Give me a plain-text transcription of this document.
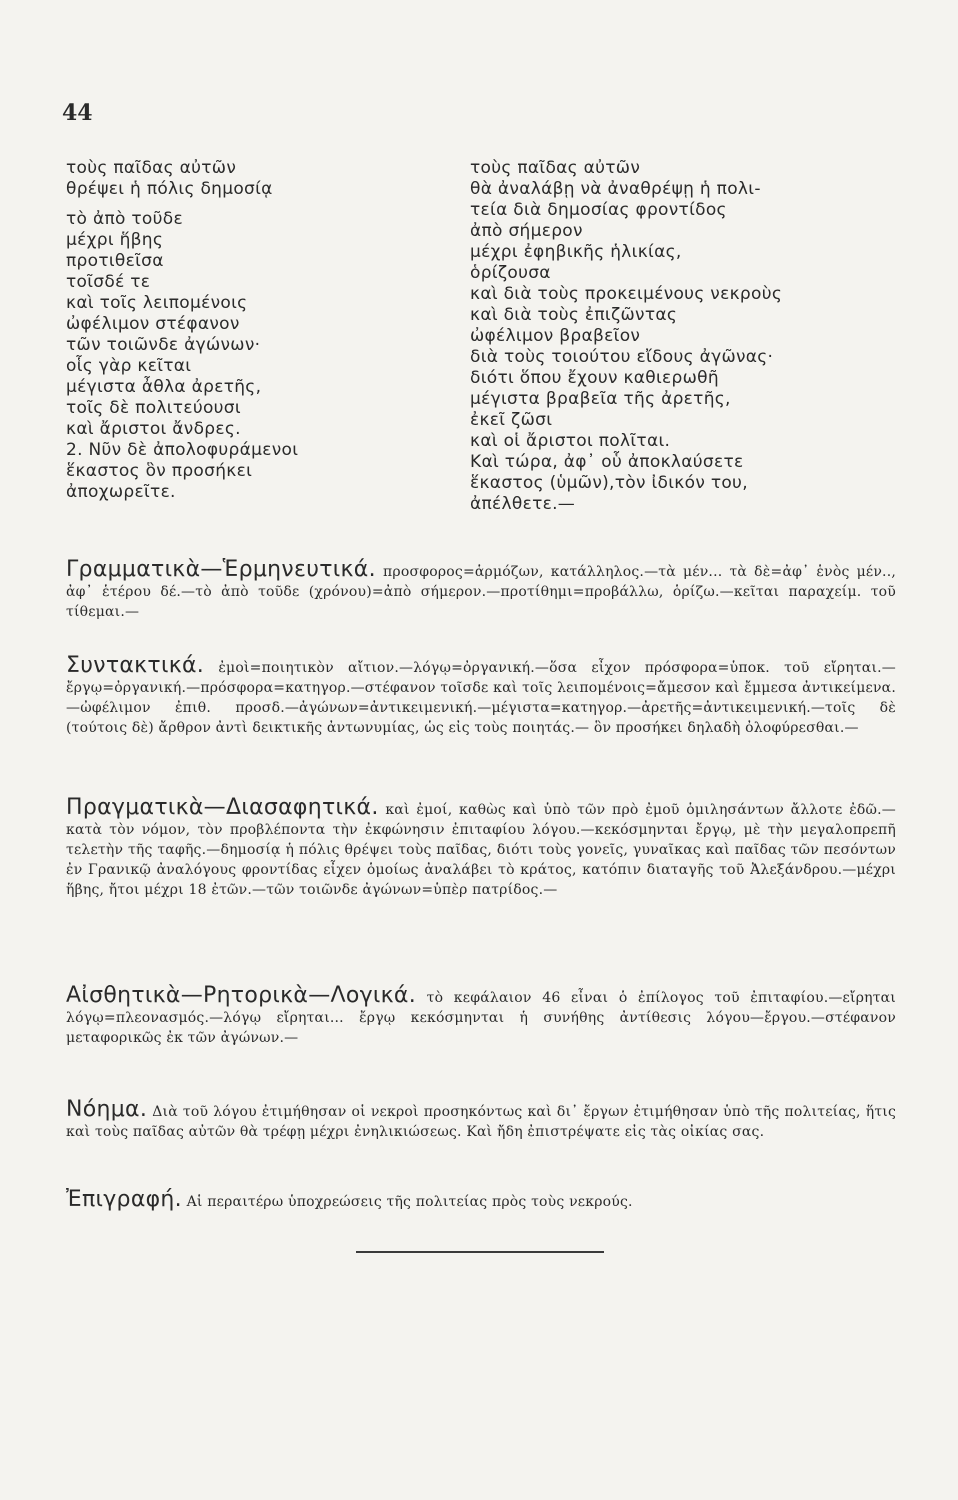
44
τοὺς παῖδας αὐτῶν
θρέψει ἡ πόλις δημοσίᾳ
τὸ ἀπὸ τοῦδε
μέχρι ἥβης
προτιθεῖσα
τοῖσδέ τε
καὶ τοῖς λειπομένοις
ὠφέλιμον στέφανον
τῶν τοιῶνδε ἀγώνων·
οἷς γὰρ κεῖται
μέγιστα ἆθλα ἀρετῆς,
τοῖς δὲ πολιτεύουσι
καὶ ἄριστοι ἄνδρες.
2. Νῦν δὲ ἀπολοφυράμενοι
ἕκαστος ὃν προσήκει
ἀποχωρεῖτε.
τοὺς παῖδας αὐτῶν
θὰ ἀναλάβῃ νὰ ἀναθρέψῃ ἡ πολι-
τεία διὰ δημοσίας φροντίδος
ἀπὸ σήμερον
μέχρι ἐφηβικῆς ἡλικίας,
ὁρίζουσα
καὶ διὰ τοὺς προκειμένους νεκροὺς
καὶ διὰ τοὺς ἐπιζῶντας
ὠφέλιμον βραβεῖον
διὰ τοὺς τοιούτου εἴδους ἀγῶνας·
διότι ὅπου ἔχουν καθιερωθῆ
μέγιστα βραβεῖα τῆς ἀρετῆς,
ἐκεῖ ζῶσι
καὶ οἱ ἄριστοι πολῖται.
Καὶ τώρα, ἀφ᾽ οὗ ἀποκλαύσετε
ἕκαστος (ὑμῶν),τὸν ἰδικόν του,
ἀπέλθετε.—
Γραμματικὰ—Ἑρμηνευτικά. προσφορος=ἁρμόζων, κατάλληλος.—τὰ μέν... τὰ δὲ=ἀφ᾽ ἑνὸς μέν.., ἀφ᾽ ἑτέρου δέ.—τὸ ἀπὸ τοῦδε (χρόνου)=ἀπὸ σήμερον.—προτίθημι=προβάλλω, ὁρίζω.—κεῖται παραχείμ. τοῦ τίθεμαι.—
Συντακτικά. ἐμοὶ=ποιητικὸν αἴτιον.—λόγῳ=ὀργανική.—ὅσα εἶχον πρόσφορα=ὑποκ. τοῦ εἴρηται.—ἔργῳ=ὀργανική.—πρόσφορα=κατηγορ.—στέφανον τοῖσδε καὶ τοῖς λειπομένοις=ἄμεσον καὶ ἔμμεσα ἀντικείμενα.—ὠφέλιμον ἐπιθ. προσδ.—ἀγώνων=ἀντικειμενική.—μέγιστα=κατηγορ.—ἀρετῆς=ἀντικειμενική.—τοῖς δὲ (τούτοις δὲ) ἄρθρον ἀντὶ δεικτικῆς ἀντωνυμίας, ὡς εἰς τοὺς ποιητάς.— ὃν προσήκει δηλαδὴ ὀλοφύρεσθαι.—
Πραγματικὰ—Διασαφητικά. καὶ ἐμοί, καθὼς καὶ ὑπὸ τῶν πρὸ ἐμοῦ ὁμιλησάντων ἄλλοτε ἐδῶ.—κατὰ τὸν νόμον, τὸν προβλέποντα τὴν ἐκφώνησιν ἐπιταφίου λόγου.—κεκόσμηνται ἔργῳ, μὲ τὴν μεγαλοπρεπῆ τελετὴν τῆς ταφῆς.—δημοσίᾳ ἡ πόλις θρέψει τοὺς παῖδας, διότι τοὺς γονεῖς, γυναῖκας καὶ παῖδας τῶν πεσόντων ἐν Γρανικῷ ἀναλόγους φροντίδας εἶχεν ὁμοίως ἀναλάβει τὸ κράτος, κατόπιν διαταγῆς τοῦ Ἀλεξάνδρου.—μέχρι ἥβης, ἤτοι μέχρι 18 ἐτῶν.—τῶν τοιῶνδε ἀγώνων=ὑπὲρ πατρίδος.—
Αἰσθητικὰ—Ρητορικὰ—Λογικά. τὸ κεφάλαιον 46 εἶναι ὁ ἐπίλογος τοῦ ἐπιταφίου.—εἴρηται λόγῳ=πλεονασμός.—λόγῳ εἴρηται... ἔργῳ κεκόσμηνται ἡ συνήθης ἀντίθεσις λόγου—ἔργου.—στέφανον μεταφορικῶς ἐκ τῶν ἀγώνων.—
Νόημα. Διὰ τοῦ λόγου ἐτιμήθησαν οἱ νεκροὶ προσηκόντως καὶ δι᾽ ἔργων ἐτιμήθησαν ὑπὸ τῆς πολιτείας, ἥτις καὶ τοὺς παῖδας αὐτῶν θὰ τρέφῃ μέχρι ἐνηλικιώσεως. Καὶ ἤδη ἐπιστρέψατε εἰς τὰς οἰκίας σας.
Ἐπιγραφή. Αἱ περαιτέρω ὑποχρεώσεις τῆς πολιτείας πρὸς τοὺς νεκρούς.
